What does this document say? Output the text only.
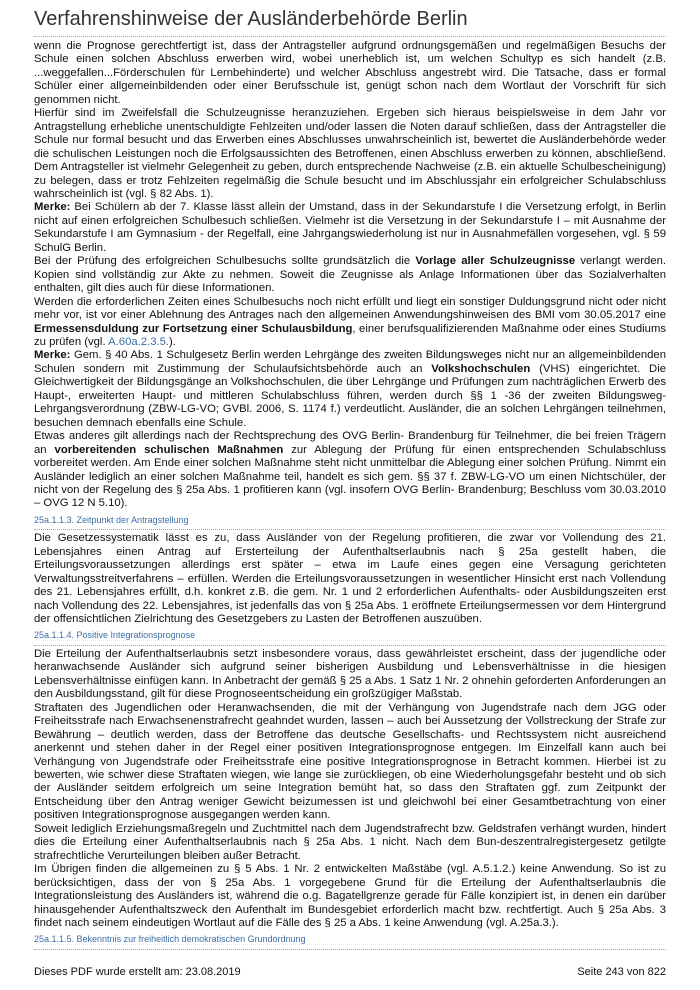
Verfahrenshinweise der Ausländerbehörde Berlin

wenn die Prognose gerechtfertigt ist, dass der Antragsteller aufgrund ordnungsgemäßen und regelmäßigen Besuchs der Schule einen solchen Abschluss erwerben wird, wobei unerheblich ist, um welchen Schultyp es sich handelt (z.B. ...weggefallen...Förderschulen für Lernbehinderte) und welcher Abschluss angestrebt wird. Die Tatsache, dass er formal Schüler einer allgemeinbildenden oder einer Berufsschule ist, genügt schon nach dem Wortlaut der Vorschrift für sich genommen nicht.

Hierfür sind im Zweifelsfall die Schulzeugnisse heranzuziehen. Ergeben sich hieraus beispielsweise in dem Jahr vor Antragstellung erhebliche unentschuldigte Fehlzeiten und/oder lassen die Noten darauf schließen, dass der Antragsteller die Schule nur formal besucht und das Erwerben eines Abschlusses unwahrscheinlich ist, bewertet die Ausländerbehörde weder die schulischen Leistungen noch die Erfolgsaussichten des Betroffenen, einen Abschluss erwerben zu können, abschließend. Dem Antragsteller ist vielmehr Gelegenheit zu geben, durch entsprechende Nachweise (z.B. ein aktuelle Schulbescheinigung) zu belegen, dass er trotz Fehlzeiten regelmäßig die Schule besucht und im Abschlussjahr ein erfolgreicher Schulabschluss wahrscheinlich ist (vgl. § 82 Abs. 1).

Merke: Bei Schülern ab der 7. Klasse lässt allein der Umstand, dass in der Sekundarstufe I die Versetzung erfolgt, in Berlin nicht auf einen erfolgreichen Schulbesuch schließen. Vielmehr ist die Versetzung in der Sekundarstufe I – mit Ausnahme der Sekundarstufe I am Gymnasium - der Regelfall, eine Jahrgangswiederholung ist nur in Ausnahmefällen vorgesehen, vgl. § 59 SchulG Berlin.

Bei der Prüfung des erfolgreichen Schulbesuchs sollte grundsätzlich die Vorlage aller Schulzeugnisse verlangt werden. Kopien sind vollständig zur Akte zu nehmen. Soweit die Zeugnisse als Anlage Informationen über das Sozialverhalten enthalten, gilt dies auch für diese Informationen.

Werden die erforderlichen Zeiten eines Schulbesuchs noch nicht erfüllt und liegt ein sonstiger Duldungsgrund nicht oder nicht mehr vor, ist vor einer Ablehnung des Antrages nach den allgemeinen Anwendungshinweisen des BMI vom 30.05.2017 eine Ermessensduldung zur Fortsetzung einer Schulausbildung, einer berufsqualifizierenden Maßnahme oder eines Studiums zu prüfen (vgl. A.60a.2.3.5.).

Merke: Gem. § 40 Abs. 1 Schulgesetz Berlin werden Lehrgänge des zweiten Bildungsweges nicht nur an allgemeinbildenden Schulen sondern mit Zustimmung der Schulaufsichtsbehörde auch an Volkshochschulen (VHS) eingerichtet. Die Gleichwertigkeit der Bildungsgänge an Volkshochschulen, die über Lehrgänge und Prüfungen zum nachträglichen Erwerb des Haupt-, erweiterten Haupt- und mittleren Schulabschluss führen, werden durch §§ 1 -36 der zweiten Bildungsweg- Lehrgangsverordnung (ZBW-LG-VO; GVBl. 2006, S. 1174 f.) verdeutlicht. Ausländer, die an solchen Lehrgängen teilnehmen, besuchen demnach ebenfalls eine Schule.

Etwas anderes gilt allerdings nach der Rechtsprechung des OVG Berlin- Brandenburg für Teilnehmer, die bei freien Trägern an vorbereitenden schulischen Maßnahmen zur Ablegung der Prüfung für einen entsprechenden Schulabschluss vorbereitet werden. Am Ende einer solchen Maßnahme steht nicht unmittelbar die Ablegung einer solchen Prüfung. Nimmt ein Ausländer lediglich an einer solchen Maßnahme teil, handelt es sich gem. §§ 37 f. ZBW-LG-VO um einen Nichtschüler, der nicht von der Regelung des § 25a Abs. 1 profitieren kann (vgl. insofern OVG Berlin- Brandenburg; Beschluss vom 30.03.2010 – OVG 12 N 5.10).

25a.1.1.3. Zeitpunkt der Antragstellung

Die Gesetzessystematik lässt es zu, dass Ausländer von der Regelung profitieren, die zwar vor Vollendung des 21. Lebensjahres einen Antrag auf Ersterteilung der Aufenthaltserlaubnis nach § 25a gestellt haben, die Erteilungsvoraussetzungen allerdings erst später – etwa im Laufe eines gegen eine Versagung gerichteten Verwaltungsstreitverfahrens – erfüllen. Werden die Erteilungsvoraussetzungen in wesentlicher Hinsicht erst nach Vollendung des 21. Lebensjahres erfüllt, d.h. konkret z.B. die gem. Nr. 1 und 2 erforderlichen Aufenthalts- oder Ausbildungszeiten erst nach Vollendung des 22. Lebensjahres, ist jedenfalls das von § 25a Abs. 1 eröffnete Erteilungsermessen vor dem Hintergrund der offensichtlichen Zielrichtung des Gesetzgebers zu Lasten der Betroffenen auszuüben.

25a.1.1.4. Positive Integrationsprognose

Die Erteilung der Aufenthaltserlaubnis setzt insbesondere voraus, dass gewährleistet erscheint, dass der jugendliche oder heranwachsende Ausländer sich aufgrund seiner bisherigen Ausbildung und Lebensverhältnisse in die hiesigen Lebensverhältnisse einfügen kann. In Anbetracht der gemäß § 25 a Abs. 1 Satz 1 Nr. 2 ohnehin geforderten Anforderungen an den Ausbildungsstand, gilt für diese Prognoseentscheidung ein großzügiger Maßstab.

Straftaten des Jugendlichen oder Heranwachsenden, die mit der Verhängung von Jugendstrafe nach dem JGG oder Freiheitsstrafe nach Erwachsenenstrafrecht geahndet wurden, lassen – auch bei Aussetzung der Vollstreckung der Strafe zur Bewährung – deutlich werden, dass der Betroffene das deutsche Gesellschafts- und Rechtssystem nicht ausreichend anerkennt und stehen daher in der Regel einer positiven Integrationsprognose entgegen. Im Einzelfall kann auch bei Verhängung von Jugendstrafe oder Freiheitsstrafe eine positive Integrationsprognose in Betracht kommen. Hierbei ist zu bewerten, wie schwer diese Straftaten wiegen, wie lange sie zurückliegen, ob eine Wiederholungsgefahr besteht und ob sich der Ausländer seitdem erfolgreich um seine Integration bemüht hat, so dass den Straftaten ggf. zum Zeitpunkt der Entscheidung über den Antrag weniger Gewicht beizumessen ist und gleichwohl bei einer Gesamtbetrachtung von einer positiven Integrationsprognose ausgegangen werden kann.

Soweit lediglich Erziehungsmaßregeln und Zuchtmittel nach dem Jugendstrafrecht bzw. Geldstrafen verhängt wurden, hindert dies die Erteilung einer Aufenthaltserlaubnis nach § 25a Abs. 1 nicht. Nach dem Bun-deszentralregistergesetz getilgte strafrechtliche Verurteilungen bleiben außer Betracht.

Im Übrigen finden die allgemeinen zu § 5 Abs. 1 Nr. 2 entwickelten Maßstäbe (vgl. A.5.1.2.) keine Anwendung. So ist zu berücksichtigen, dass der von § 25a Abs. 1 vorgegebene Grund für die Erteilung der Aufenthaltserlaubnis die Integrationsleistung des Ausländers ist, während die o.g. Bagatellgrenze gerade für Fälle konzipiert ist, in denen ein darüber hinausgehender Aufenthaltszweck den Aufenthalt im Bundesgebiet erforderlich macht bzw. rechtfertigt. Auch § 25a Abs. 3 findet nach seinem eindeutigen Wortlaut auf die Fälle des § 25 a Abs. 1 keine Anwendung (vgl. A.25a.3.).

25a.1.1.5. Bekenntnis zur freiheitlich demokratischen Grundordnung
Dieses PDF wurde erstellt am: 23.08.2019	Seite 243 von 822
